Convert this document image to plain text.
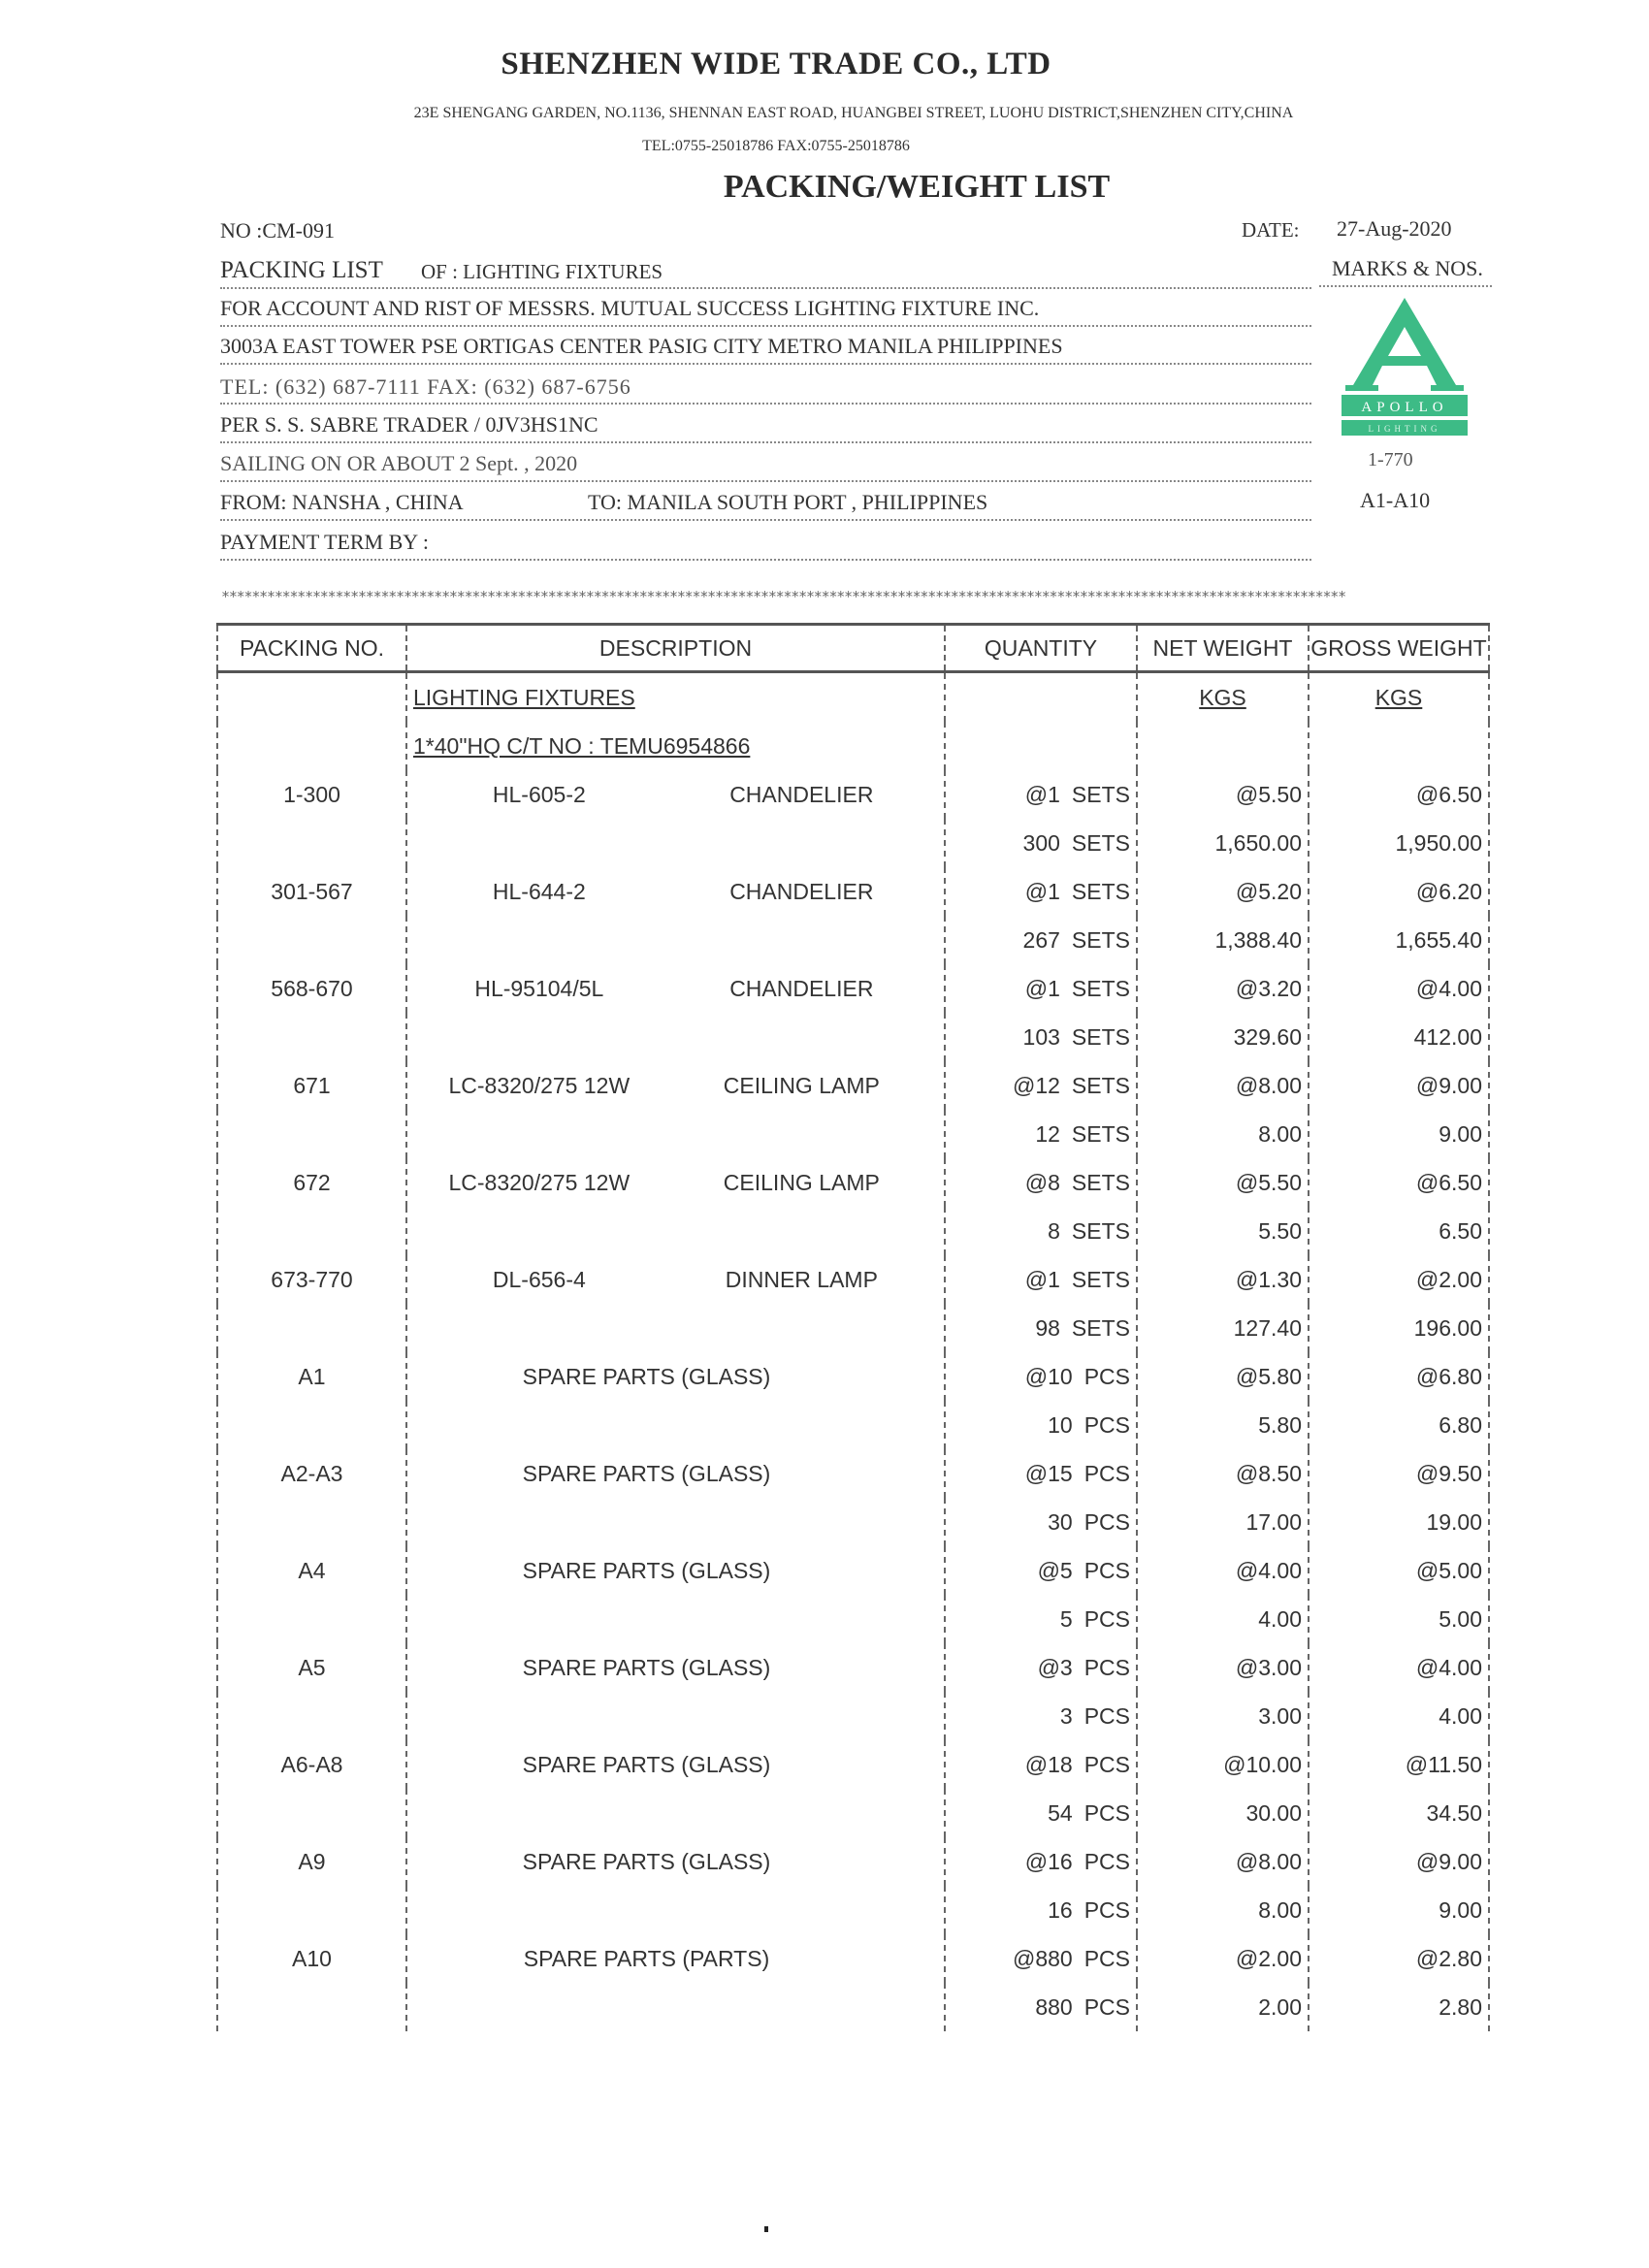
SHENZHEN WIDE TRADE CO., LTD
23E SHENGANG GARDEN, NO.1136, SHENNAN EAST ROAD, HUANGBEI STREET, LUOHU DISTRICT,SHENZHEN CITY,CHINA
TEL:0755-25018786 FAX:0755-25018786
PACKING/WEIGHT LIST
NO :CM-091	DATE: 27-Aug-2020
PACKING LIST OF : LIGHTING FIXTURES
FOR ACCOUNT AND RIST OF MESSRS. MUTUAL SUCCESS LIGHTING FIXTURE INC.
3003A EAST TOWER PSE ORTIGAS CENTER PASIG CITY METRO MANILA PHILIPPINES
TEL: (632) 687-7111 FAX: (632) 687-6756
PER S. S. SABRE TRADER / 0JV3HS1NC
SAILING ON OR ABOUT 2 Sept. , 2020
FROM: NANSHA , CHINA	TO: MANILA SOUTH PORT , PHILIPPINES
PAYMENT TERM BY :
MARKS & NOS.
APOLLO
LIGHTING
1-770
A1-A10
****************************************************************************************************************************************************
PACKING NO.	DESCRIPTION	QUANTITY	NET WEIGHT	GROSS WEIGHT
	LIGHTING FIXTURES		KGS	KGS
	1*40"HQ C/T NO : TEMU6954866			
1-300	HL-605-2 CHANDELIER	@1 SETS	@5.50	@6.50

		300 SETS	1,650.00	1,950.00
301-567	HL-644-2 CHANDELIER	@1 SETS	@5.20	@6.20

		267 SETS	1,388.40	1,655.40
568-670	HL-95104/5L CHANDELIER	@1 SETS	@3.20	@4.00

		103 SETS	329.60	412.00
671	LC-8320/275 12W CEILING LAMP	@12 SETS	@8.00	@9.00

		12 SETS	8.00	9.00
672	LC-8320/275 12W CEILING LAMP	@8 SETS	@5.50	@6.50

		8 SETS	5.50	6.50
673-770	DL-656-4 DINNER LAMP	@1 SETS	@1.30	@2.00

		98 SETS	127.40	196.00
A1	SPARE PARTS (GLASS)	@10 PCS	@5.80	@6.80

		10 PCS	5.80	6.80
A2-A3	SPARE PARTS (GLASS)	@15 PCS	@8.50	@9.50

		30 PCS	17.00	19.00
A4	SPARE PARTS (GLASS)	@5 PCS	@4.00	@5.00

		5 PCS	4.00	5.00
A5	SPARE PARTS (GLASS)	@3 PCS	@3.00	@4.00

		3 PCS	3.00	4.00
A6-A8	SPARE PARTS (GLASS)	@18 PCS	@10.00	@11.50

		54 PCS	30.00	34.50
A9	SPARE PARTS (GLASS)	@16 PCS	@8.00	@9.00

		16 PCS	8.00	9.00
A10	SPARE PARTS (PARTS)	@880 PCS	@2.00	@2.80

		880 PCS	2.00	2.80
